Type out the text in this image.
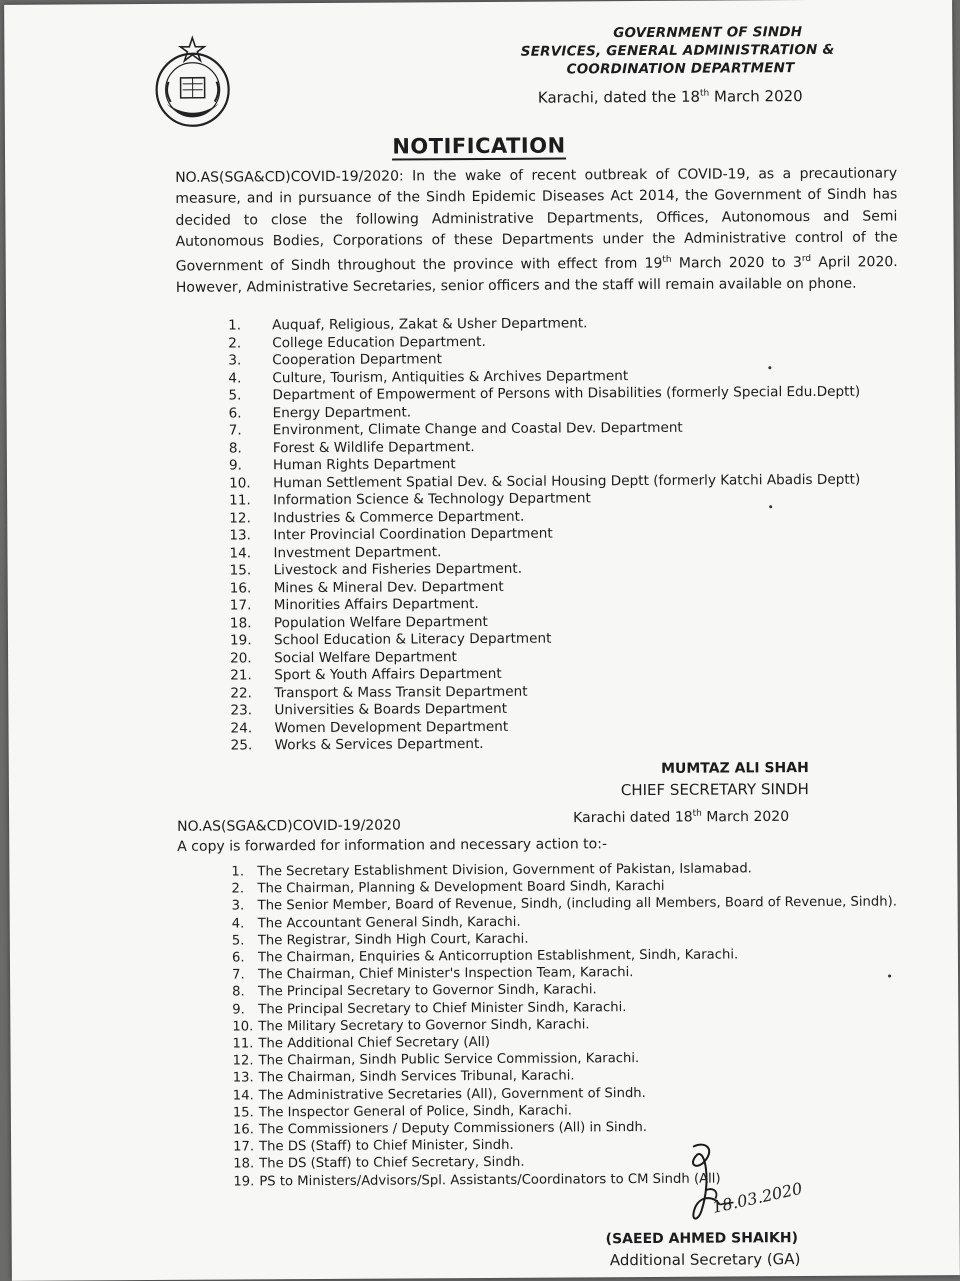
GOVERNMENT OF SINDH
SERVICES, GENERAL ADMINISTRATION &
COORDINATION DEPARTMENT
Karachi, dated the 18th March 2020
NOTIFICATION
NO.AS(SGA&CD)COVID-19/2020: In the wake of recent outbreak of COVID-19, as a precautionary measure, and in pursuance of the Sindh Epidemic Diseases Act 2014, the Government of Sindh has decided to close the following Administrative Departments, Offices, Autonomous and Semi Autonomous Bodies, Corporations of these Departments under the Administrative control of the Government of Sindh throughout the province with effect from 19th March 2020 to 3rd April 2020. However, Administrative Secretaries, senior officers and the staff will remain available on phone.
1. Auquaf, Religious, Zakat & Usher Department.
2. College Education Department.
3. Cooperation Department
4. Culture, Tourism, Antiquities & Archives Department
5. Department of Empowerment of Persons with Disabilities (formerly Special Edu.Deptt)
6. Energy Department.
7. Environment, Climate Change and Coastal Dev. Department
8. Forest & Wildlife Department.
9. Human Rights Department
10. Human Settlement Spatial Dev. & Social Housing Deptt (formerly Katchi Abadis Deptt)
11. Information Science & Technology Department
12. Industries & Commerce Department.
13. Inter Provincial Coordination Department
14. Investment Department.
15. Livestock and Fisheries Department.
16. Mines & Mineral Dev. Department
17. Minorities Affairs Department.
18. Population Welfare Department
19. School Education & Literacy Department
20. Social Welfare Department
21. Sport & Youth Affairs Department
22. Transport & Mass Transit Department
23. Universities & Boards Department
24. Women Development Department
25. Works & Services Department.
MUMTAZ ALI SHAH
CHIEF SECRETARY SINDH
NO.AS(SGA&CD)COVID-19/2020	Karachi dated 18th March 2020
A copy is forwarded for information and necessary action to:-
1. The Secretary Establishment Division, Government of Pakistan, Islamabad.
2. The Chairman, Planning & Development Board Sindh, Karachi
3. The Senior Member, Board of Revenue, Sindh, (including all Members, Board of Revenue, Sindh).
4. The Accountant General Sindh, Karachi.
5. The Registrar, Sindh High Court, Karachi.
6. The Chairman, Enquiries & Anticorruption Establishment, Sindh, Karachi.
7. The Chairman, Chief Minister's Inspection Team, Karachi.
8. The Principal Secretary to Governor Sindh, Karachi.
9. The Principal Secretary to Chief Minister Sindh, Karachi.
10. The Military Secretary to Governor Sindh, Karachi.
11. The Additional Chief Secretary (All)
12. The Chairman, Sindh Public Service Commission, Karachi.
13. The Chairman, Sindh Services Tribunal, Karachi.
14. The Administrative Secretaries (All), Government of Sindh.
15. The Inspector General of Police, Sindh, Karachi.
16. The Commissioners / Deputy Commissioners (All) in Sindh.
17. The DS (Staff) to Chief Minister, Sindh.
18. The DS (Staff) to Chief Secretary, Sindh.
19. PS to Ministers/Advisors/Spl. Assistants/Coordinators to CM Sindh (All)
18.03.2020
(SAEED AHMED SHAIKH)
Additional Secretary (GA)
